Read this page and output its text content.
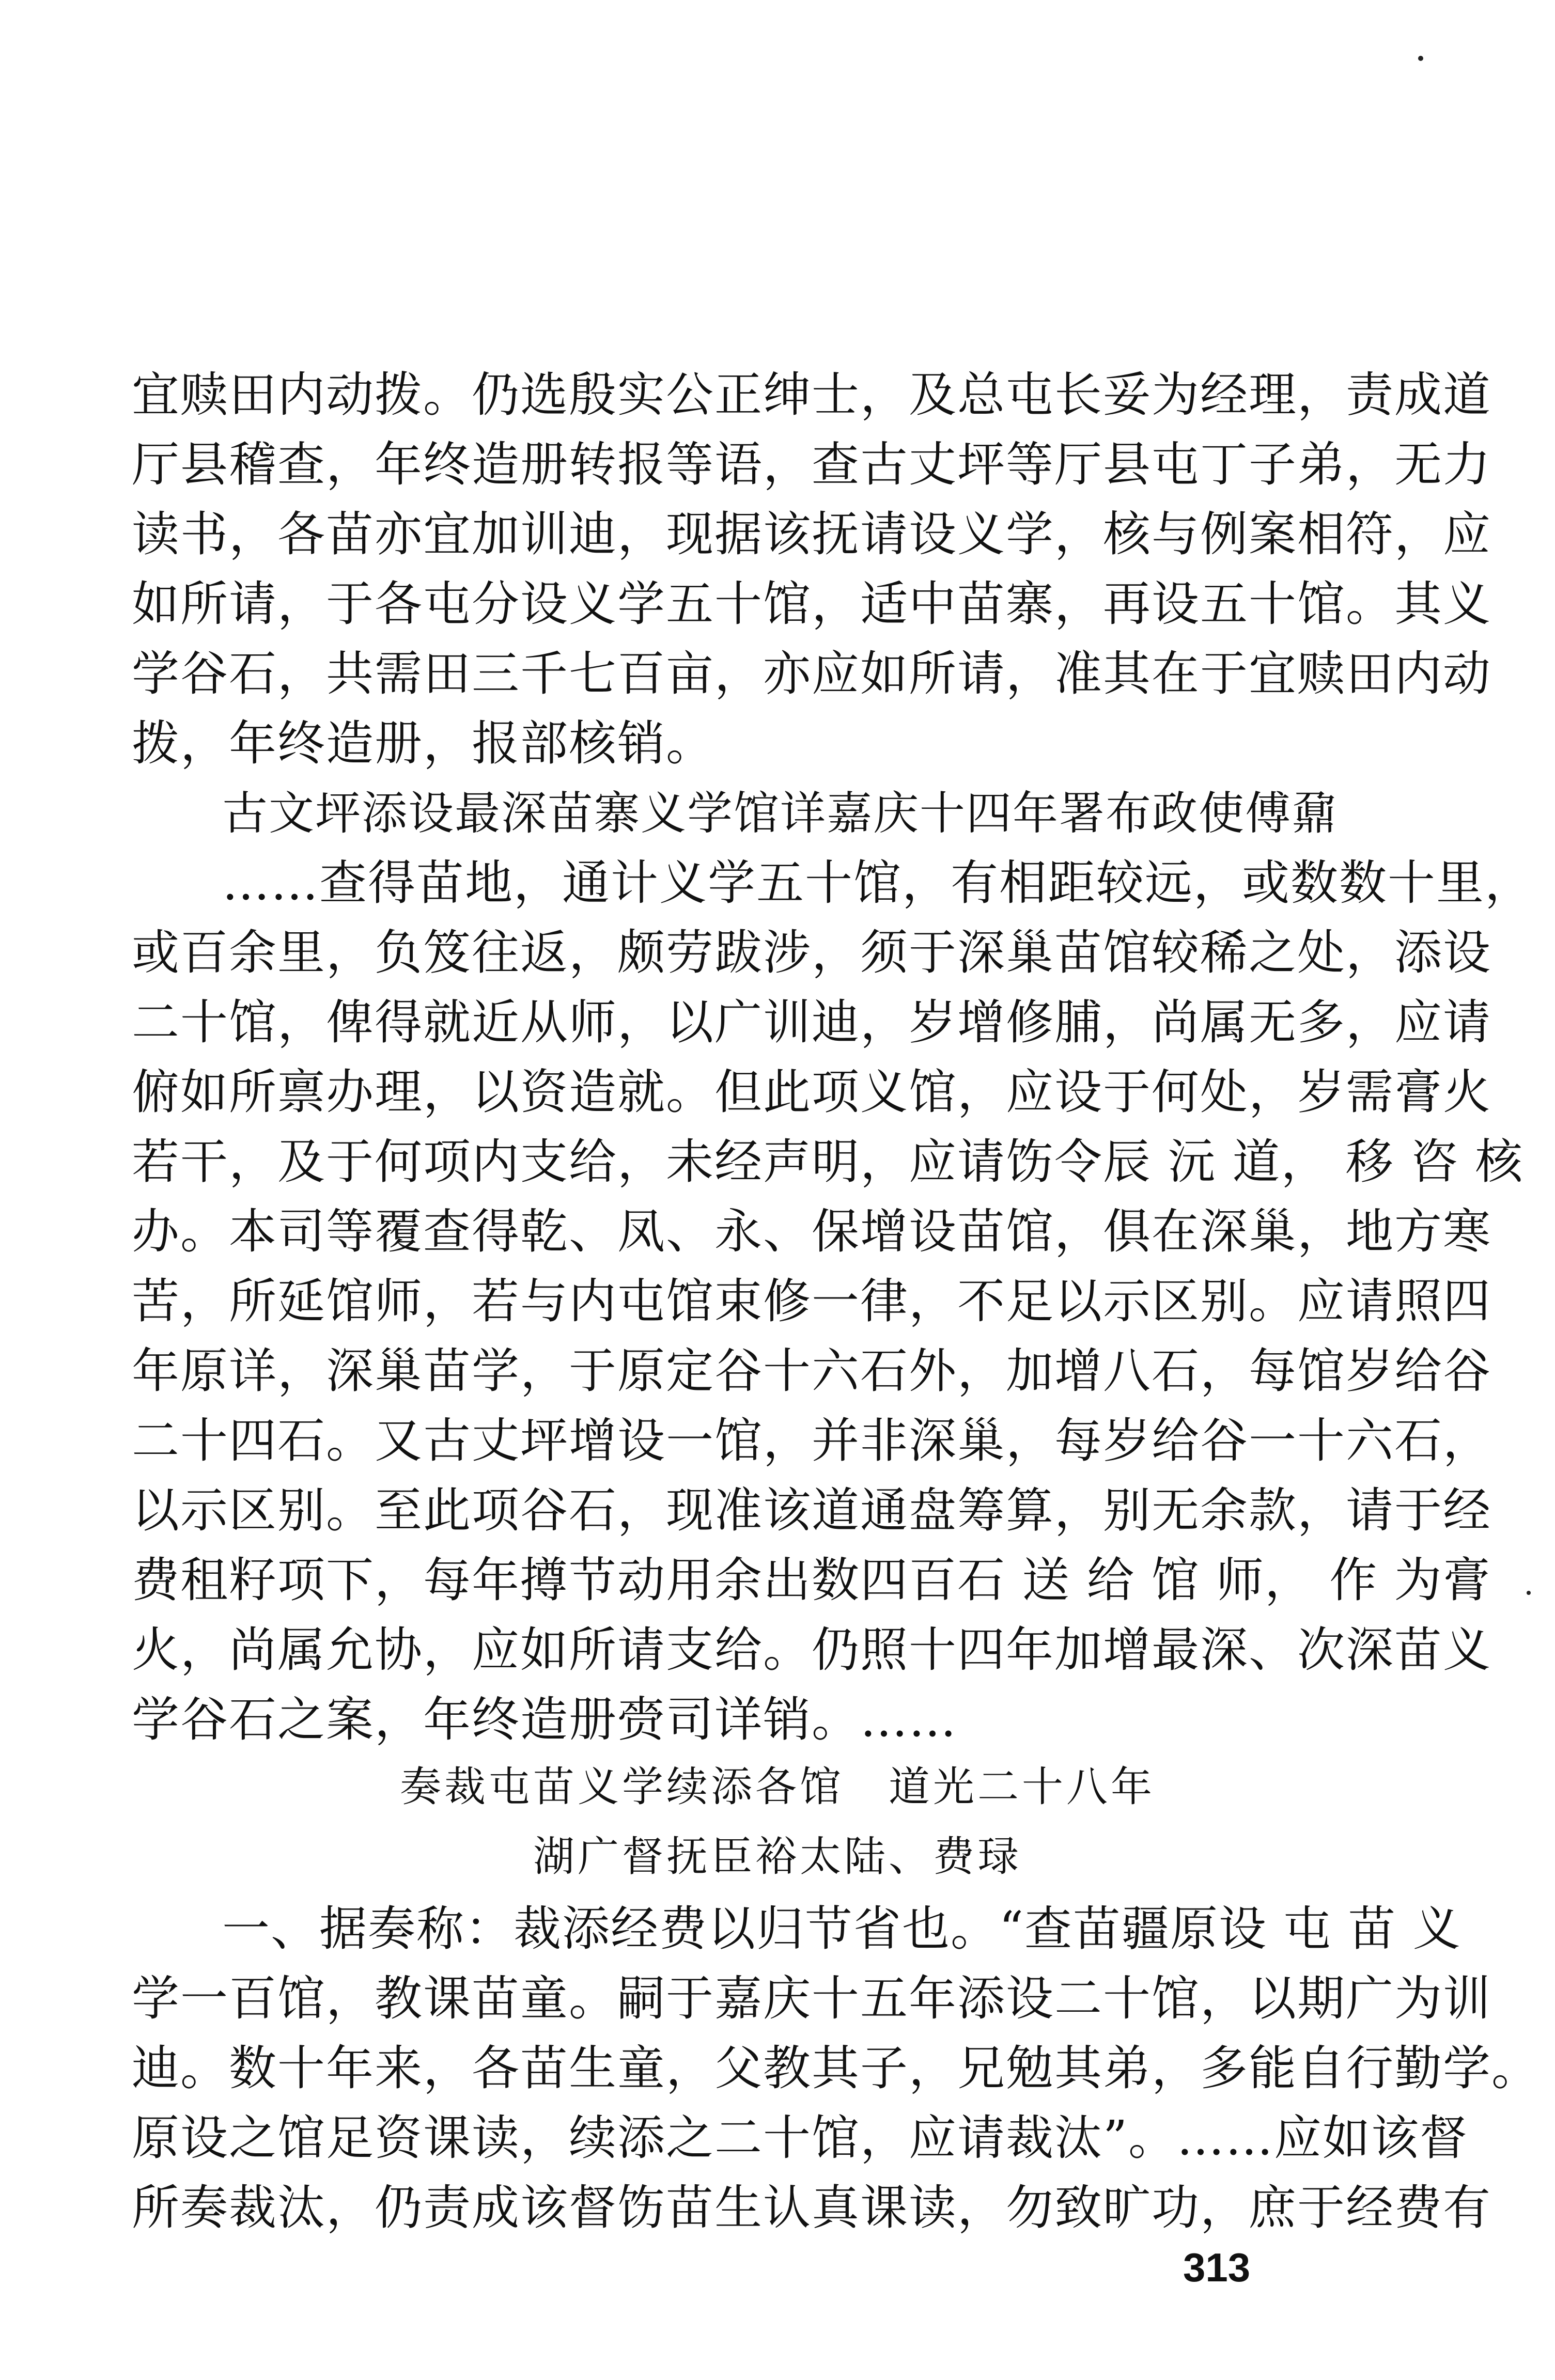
宜赎田内动拨。仍选殷实公正绅士，及总屯长妥为经理，责成道
厅县稽查，年终造册转报等语，查古丈坪等厅县屯丁子弟，无力
读书，各苗亦宜加训迪，现据该抚请设义学，核与例案相符，应
如所请，于各屯分设义学五十馆，适中苗寨，再设五十馆。其义
学谷石，共需田三千七百亩，亦应如所请，准其在于宜赎田内动
拨，年终造册，报部核销。
古文坪添设最深苗寨义学馆详嘉庆十四年署布政使傅鼐
……查得苗地，通计义学五十馆，有相距较远，或数数十里，
或百余里，负笈往返，颇劳跋涉，须于深巢苗馆较稀之处，添设
二十馆，俾得就近从师，以广训迪，岁增修脯，尚属无多，应请
俯如所禀办理，以资造就。但此项义馆，应设于何处，岁需膏火
若干，及于何项内支给，未经声明，应请饬令辰 沅 道， 移 咨 核
办。本司等覆查得乾、凤、永、保增设苗馆，俱在深巢，地方寒
苦，所延馆师，若与内屯馆束修一律，不足以示区别。应请照四
年原详，深巢苗学，于原定谷十六石外，加增八石，每馆岁给谷
二十四石。又古丈坪增设一馆，并非深巢，每岁给谷一十六石，
以示区别。至此项谷石，现准该道通盘筹算，别无余款，请于经
费租籽项下，每年撙节动用余出数四百石 送 给 馆 师， 作 为膏
火，尚属允协，应如所请支给。仍照十四年加增最深、次深苗义
学谷石之案，年终造册赍司详销。……
奏裁屯苗义学续添各馆　道光二十八年
湖广督抚臣裕太陆、费琭
一、据奏称：裁添经费以归节省也。“查苗疆原设 屯 苗 义
学一百馆，教课苗童。嗣于嘉庆十五年添设二十馆，以期广为训
迪。数十年来，各苗生童，父教其子，兄勉其弟，多能自行勤学。
原设之馆足资课读，续添之二十馆，应请裁汰”。……应如该督
所奏裁汰，仍责成该督饬苗生认真课读，勿致旷功，庶于经费有
313
